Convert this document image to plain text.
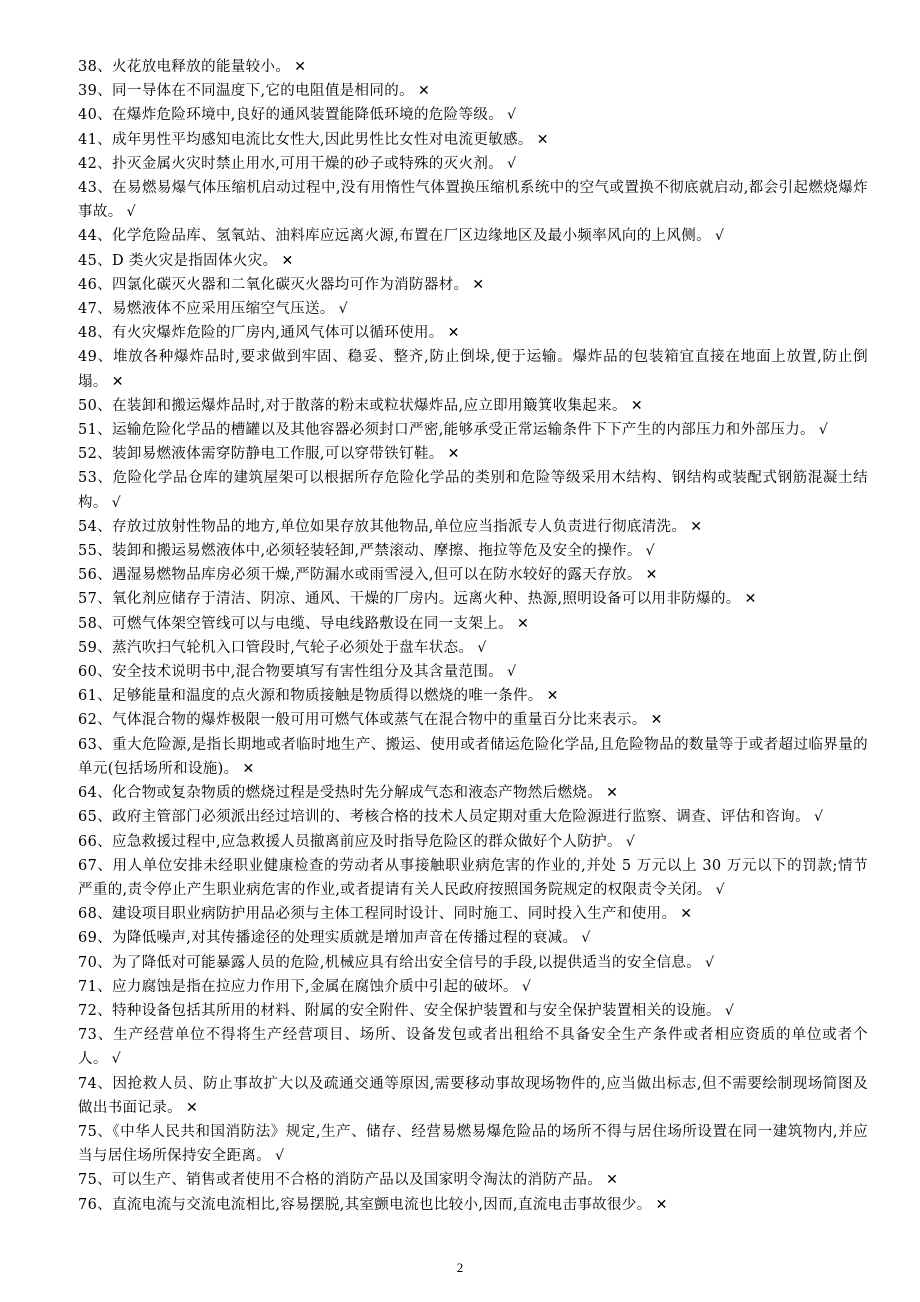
38、火花放电释放的能量较小。 ✕

39、同一导体在不同温度下,它的电阻值是相同的。 ✕

40、在爆炸危险环境中,良好的通风装置能降低环境的危险等级。 √

41、成年男性平均感知电流比女性大,因此男性比女性对电流更敏感。 ✕

42、扑灭金属火灾时禁止用水,可用干燥的砂子或特殊的灭火剂。 √

43、在易燃易爆气体压缩机启动过程中,没有用惰性气体置换压缩机系统中的空气或置换不彻底就启动,都会引起燃烧爆炸事故。 √

44、化学危险品库、氢氧站、油料库应远离火源,布置在厂区边缘地区及最小频率风向的上风侧。 √

45、D 类火灾是指固体火灾。 ✕

46、四氯化碳灭火器和二氧化碳灭火器均可作为消防器材。 ✕

47、易燃液体不应采用压缩空气压送。 √

48、有火灾爆炸危险的厂房内,通风气体可以循环使用。 ✕

49、堆放各种爆炸品时,要求做到牢固、稳妥、整齐,防止倒垛,便于运输。爆炸品的包装箱宜直接在地面上放置,防止倒塌。 ✕

50、在装卸和搬运爆炸品时,对于散落的粉末或粒状爆炸品,应立即用簸箕收集起来。 ✕

51、运输危险化学品的槽罐以及其他容器必须封口严密,能够承受正常运输条件下下产生的内部压力和外部压力。 √

52、装卸易燃液体需穿防静电工作服,可以穿带铁钉鞋。 ✕

53、危险化学品仓库的建筑屋架可以根据所存危险化学品的类别和危险等级采用木结构、钢结构或装配式钢筋混凝土结构。 √

54、存放过放射性物品的地方,单位如果存放其他物品,单位应当指派专人负责进行彻底清洗。 ✕

55、装卸和搬运易燃液体中,必须轻装轻卸,严禁滚动、摩擦、拖拉等危及安全的操作。 √

56、遇湿易燃物品库房必须干燥,严防漏水或雨雪浸入,但可以在防水较好的露天存放。 ✕

57、氧化剂应储存于清洁、阴凉、通风、干燥的厂房内。远离火种、热源,照明设备可以用非防爆的。 ✕

58、可燃气体架空管线可以与电缆、导电线路敷设在同一支架上。 ✕

59、蒸汽吹扫气轮机入口管段时,气轮子必须处于盘车状态。 √

60、安全技术说明书中,混合物要填写有害性组分及其含量范围。 √

61、足够能量和温度的点火源和物质接触是物质得以燃烧的唯一条件。 ✕

62、气体混合物的爆炸极限一般可用可燃气体或蒸气在混合物中的重量百分比来表示。 ✕

63、重大危险源,是指长期地或者临时地生产、搬运、使用或者储运危险化学品,且危险物品的数量等于或者超过临界量的单元(包括场所和设施)。 ✕

64、化合物或复杂物质的燃烧过程是受热时先分解成气态和液态产物然后燃烧。 ✕

65、政府主管部门必须派出经过培训的、考核合格的技术人员定期对重大危险源进行监察、调查、评估和咨询。 √

66、应急救援过程中,应急救援人员撤离前应及时指导危险区的群众做好个人防护。 √

67、用人单位安排未经职业健康检查的劳动者从事接触职业病危害的作业的,并处 5 万元以上 30 万元以下的罚款;情节严重的,责令停止产生职业病危害的作业,或者提请有关人民政府按照国务院规定的权限责令关闭。 √

68、建设项目职业病防护用品必须与主体工程同时设计、同时施工、同时投入生产和使用。 ✕

69、为降低噪声,对其传播途径的处理实质就是增加声音在传播过程的衰减。 √

70、为了降低对可能暴露人员的危险,机械应具有给出安全信号的手段,以提供适当的安全信息。 √

71、应力腐蚀是指在拉应力作用下,金属在腐蚀介质中引起的破坏。 √

72、特种设备包括其所用的材料、附属的安全附件、安全保护装置和与安全保护装置相关的设施。 √

73、生产经营单位不得将生产经营项目、场所、设备发包或者出租给不具备安全生产条件或者相应资质的单位或者个人。 √

74、因抢救人员、防止事故扩大以及疏通交通等原因,需要移动事故现场物件的,应当做出标志,但不需要绘制现场简图及做出书面记录。 ✕

75、《中华人民共和国消防法》规定,生产、储存、经营易燃易爆危险品的场所不得与居住场所设置在同一建筑物内,并应当与居住场所保持安全距离。 √

75、可以生产、销售或者使用不合格的消防产品以及国家明令淘汰的消防产品。 ✕

76、直流电流与交流电流相比,容易摆脱,其室颤电流也比较小,因而,直流电击事故很少。 ✕

2
